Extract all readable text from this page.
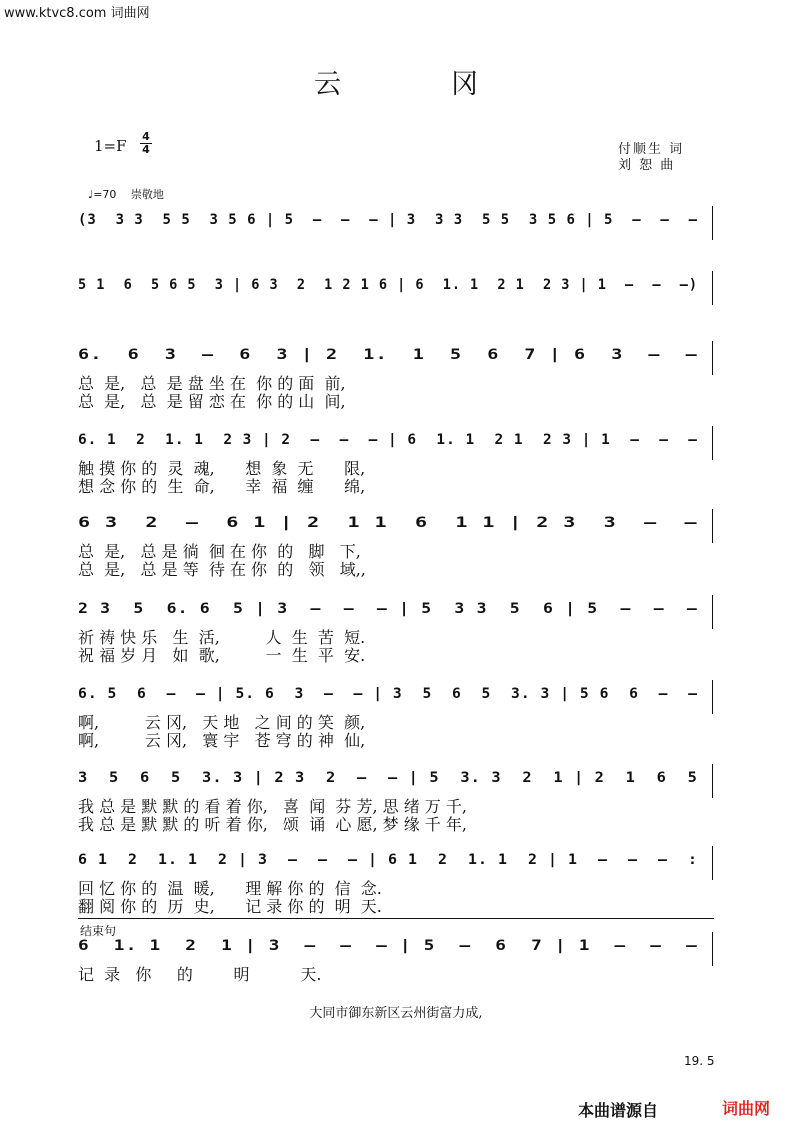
www.ktvc8.com 词曲网
云冈
1=F
4
4	付顺生 词
刘 恕 曲
♩=70　 崇敬地
(3  3 3  5 5  3 5 6 | 5  –  –  – | 3  3 3  5 5  3 5 6 | 5  –  –  –
5 1  6  5 6 5  3 | 6 3  2  1 2 1 6 | 6  1. 1  2 1  2 3 | 1  –  –  –)
6.  6  3  –  6  3 | 2  1.  1  5  6  7 | 6  3  –  –
总  是,   总  是 盘 坐 在  你 的 面  前,
总  是,   总  是 留 恋 在  你 的 山  间,
6. 1  2  1. 1  2 3 | 2  –  –  – | 6  1. 1  2 1  2 3 | 1  –  –  –
触 摸 你 的  灵  魂,      想  象  无      限,
想 念 你 的  生  命,      幸  福  缠      绵,
6 3  2  –  6 1 | 2  1 1  6  1 1 | 2 3  3  –  –
总  是,   总 是 徜  徊 在 你  的   脚   下,
总  是,   总 是 等  待 在 你  的   领   域,,
2 3  5  6. 6  5 | 3  –  –  – | 5  3 3  5  6 | 5  –  –  –
祈 祷 快 乐   生  活,         人  生  苦  短.
祝 福 岁 月   如  歌,         一  生  平  安.
6. 5  6  –  – | 5. 6  3  –  – | 3  5  6  5  3. 3 | 5 6  6  –  –
啊,         云 冈,   天 地   之 间 的 笑  颜,
啊,         云 冈,   寰 宇   苍 穹 的 神  仙,
3  5  6  5  3. 3 | 2 3  2  –  – | 5  3. 3  2  1 | 2  1  6  5
我 总 是 默 默 的 看 着 你,   喜  闻  芬 芳, 思 绪 万 千,
我 总 是 默 默 的 听 着 你,   颂  诵  心 愿, 梦 缘 千 年,
6 1  2  1. 1  2 | 3  –  –  – | 6 1  2  1. 1  2 | 1  –  –  –  :
回 忆 你 的  温  暖,      理 解 你 的  信  念.
翻 阅 你 的  历  史,      记 录 你 的  明  天.
6  1. 1  2  1 | 3  –  –  – | 5  –  6  7 | 1  –  –  –
记  录   你     的        明          天.
结束句
大同市御东新区云州街富力成,
19. 5
本曲谱源自	词曲网
